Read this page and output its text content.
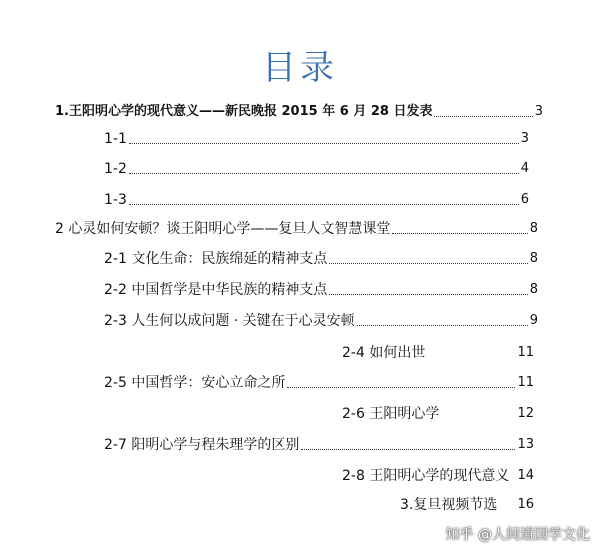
目录
1.王阳明心学的现代意义——新民晚报 2015 年 6 月 28 日发表	3
1-1	3
1-2	4
1-3	6
2 心灵如何安顿？谈王阳明心学——复旦人文智慧课堂	8
2-1 文化生命：民族绵延的精神支点	8
2-2 中国哲学是中华民族的精神支点	8
2-3 人生何以成问题 · 关键在于心灵安顿	9
2-4 如何出世	11
2-5 中国哲学：安心立命之所	11
2-6 王阳明心学	12
2-7 阳明心学与程朱理学的区别	13
2-8 王阳明心学的现代意义 14
3.复旦视频节选 16
知乎 @人间道国学文化
